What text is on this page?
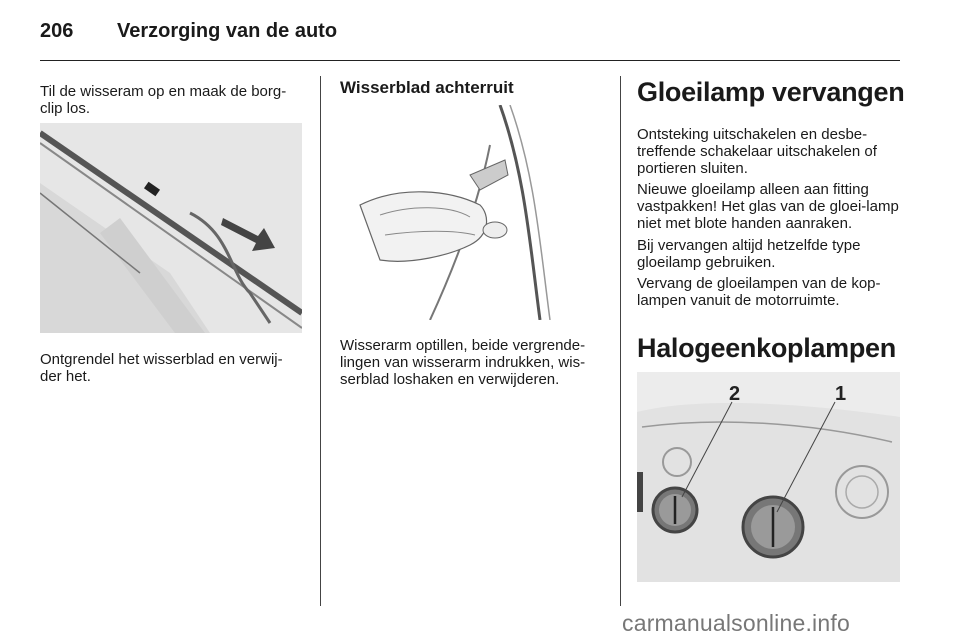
206 Verzorging van de auto
Til de wisseram op en maak de borg-clip los.
Ontgrendel het wisserblad en verwij-der het.
Wisserblad achterruit
Wisserarm optillen, beide vergrende-lingen van wisserarm indrukken, wis-serblad loshaken en verwijderen.
Gloeilamp vervangen
Ontsteking uitschakelen en desbe-treffende schakelaar uitschakelen of portieren sluiten.
Nieuwe gloeilamp alleen aan fitting vastpakken! Het glas van de gloei-lamp niet met blote handen aanraken.
Bij vervangen altijd hetzelfde type gloeilamp gebruiken.
Vervang de gloeilampen van de kop-lampen vanuit de motorruimte.
Halogeenkoplampen
2	1
carmanualsonline.info
